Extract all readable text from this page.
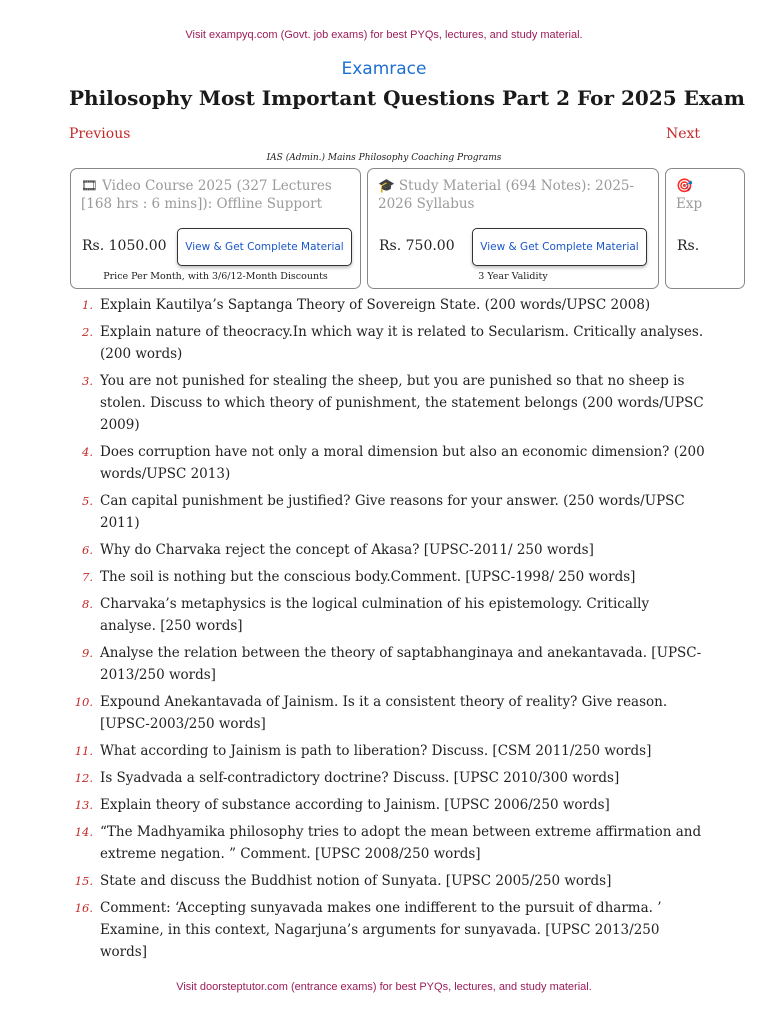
Visit exampyq.com (Govt. job exams) for best PYQs, lectures, and study material.
Examrace
Philosophy Most Important Questions Part 2 For 2025 Exam
Previous	Next
IAS (Admin.) Mains Philosophy Coaching Programs
🎞 Video Course 2025 (327 Lectures [168 hrs : 6 mins]): Offline Support
Rs. 1050.00	View & Get Complete Material
Price Per Month, with 3/6/12-Month Discounts
🎓 Study Material (694 Notes): 2025-2026 Syllabus
Rs. 750.00	View & Get Complete Material
3 Year Validity
🎯
Exp
Rs.
1. Explain Kautilya’s Saptanga Theory of Sovereign State. (200 words/UPSC 2008)
2. Explain nature of theocracy.In which way it is related to Secularism. Critically analyses. (200 words)
3. You are not punished for stealing the sheep, but you are punished so that no sheep is stolen. Discuss to which theory of punishment, the statement belongs (200 words/UPSC 2009)
4. Does corruption have not only a moral dimension but also an economic dimension? (200 words/UPSC 2013)
5. Can capital punishment be justified? Give reasons for your answer. (250 words/UPSC 2011)
6. Why do Charvaka reject the concept of Akasa? [UPSC-2011/ 250 words]
7. The soil is nothing but the conscious body.Comment. [UPSC-1998/ 250 words]
8. Charvaka’s metaphysics is the logical culmination of his epistemology. Critically analyse. [250 words]
9. Analyse the relation between the theory of saptabhanginaya and anekantavada. [UPSC-2013/250 words]
10. Expound Anekantavada of Jainism. Is it a consistent theory of reality? Give reason. [UPSC-2003/250 words]
11. What according to Jainism is path to liberation? Discuss. [CSM 2011/250 words]
12. Is Syadvada a self-contradictory doctrine? Discuss. [UPSC 2010/300 words]
13. Explain theory of substance according to Jainism. [UPSC 2006/250 words]
14. “The Madhyamika philosophy tries to adopt the mean between extreme affirmation and extreme negation. ” Comment. [UPSC 2008/250 words]
15. State and discuss the Buddhist notion of Sunyata. [UPSC 2005/250 words]
16. Comment: ‘Accepting sunyavada makes one indifferent to the pursuit of dharma. ’ Examine, in this context, Nagarjuna’s arguments for sunyavada. [UPSC 2013/250 words]
Visit doorsteptutor.com (entrance exams) for best PYQs, lectures, and study material.
